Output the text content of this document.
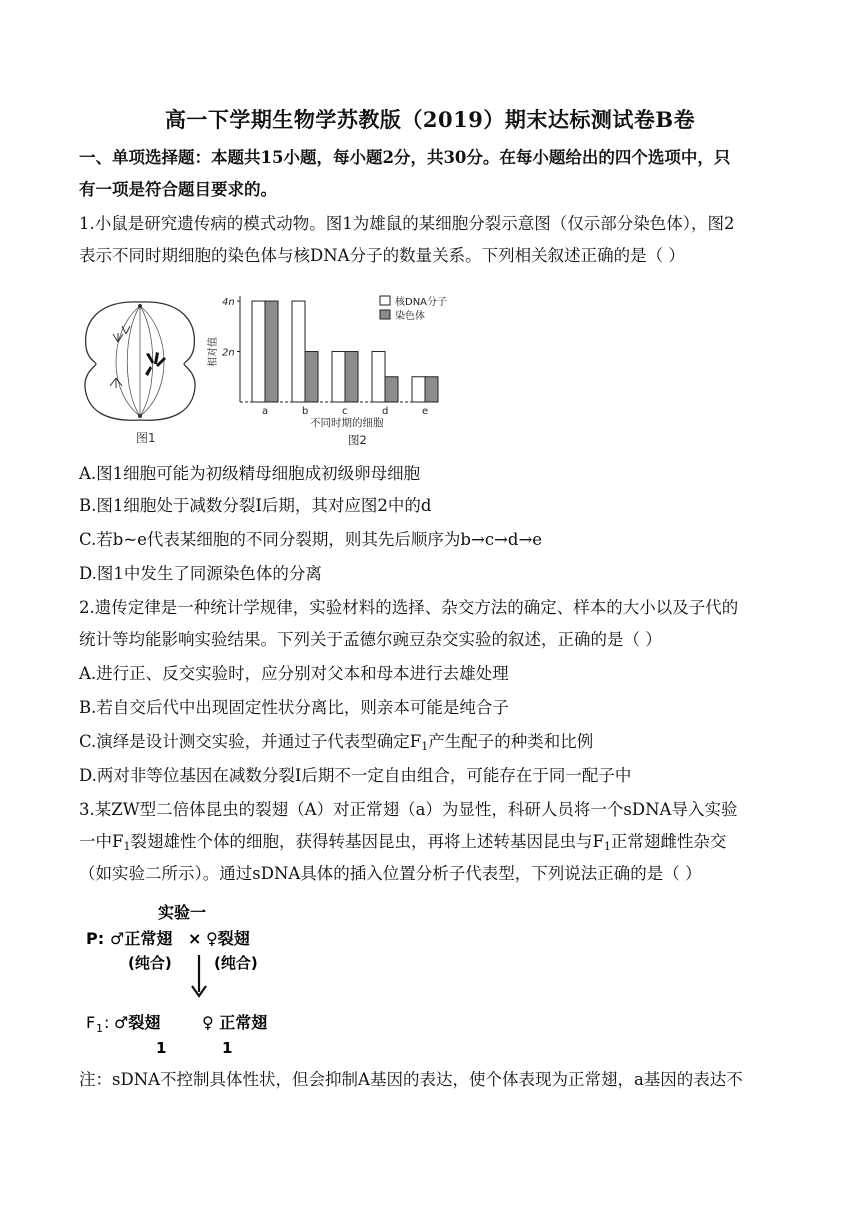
高一下学期生物学苏教版（2019）期末达标测试卷B卷
一、单项选择题：本题共15小题，每小题2分，共30分。在每小题给出的四个选项中，只
有一项是符合题目要求的。
1.小鼠是研究遗传病的模式动物。图1为雄鼠的某细胞分裂示意图（仅示部分染色体），图2
表示不同时期细胞的染色体与核DNA分子的数量关系。下列相关叙述正确的是（ ）
图1
2n
4n
相对值
a	b	c	d	e
不同时期的细胞
图2
核DNA分子
染色体
A.图1细胞可能为初级精母细胞成初级卵母细胞
B.图1细胞处于减数分裂Ⅰ后期，其对应图2中的d
C.若b~e代表某细胞的不同分裂期，则其先后顺序为b→c→d→e
D.图1中发生了同源染色体的分离
2.遗传定律是一种统计学规律，实验材料的选择、杂交方法的确定、样本的大小以及子代的
统计等均能影响实验结果。下列关于孟德尔豌豆杂交实验的叙述，正确的是（ ）
A.进行正、反交实验时，应分别对父本和母本进行去雄处理
B.若自交后代中出现固定性状分离比，则亲本可能是纯合子
C.演绎是设计测交实验，并通过子代表型确定$F_1$产生配子的种类和比例
D.两对非等位基因在减数分裂Ⅰ后期不一定自由组合，可能存在于同一配子中
3.某ZW型二倍体昆虫的裂翅（A）对正常翅（a）为显性，科研人员将一个sDNA导入实验
一中$F_1$裂翅雄性个体的细胞，获得转基因昆虫，再将上述转基因昆虫与$F_1$正常翅雌性杂交
（如实验二所示）。通过sDNA具体的插入位置分析子代表型，下列说法正确的是（ ）
实验一
P: ♂正常翅 × ♀裂翅
(纯合)	(纯合)
F 1 : ♂裂翅	♀ 正常翅
1	1
注：sDNA不控制具体性状，但会抑制A基因的表达，使个体表现为正常翅，a基因的表达不
